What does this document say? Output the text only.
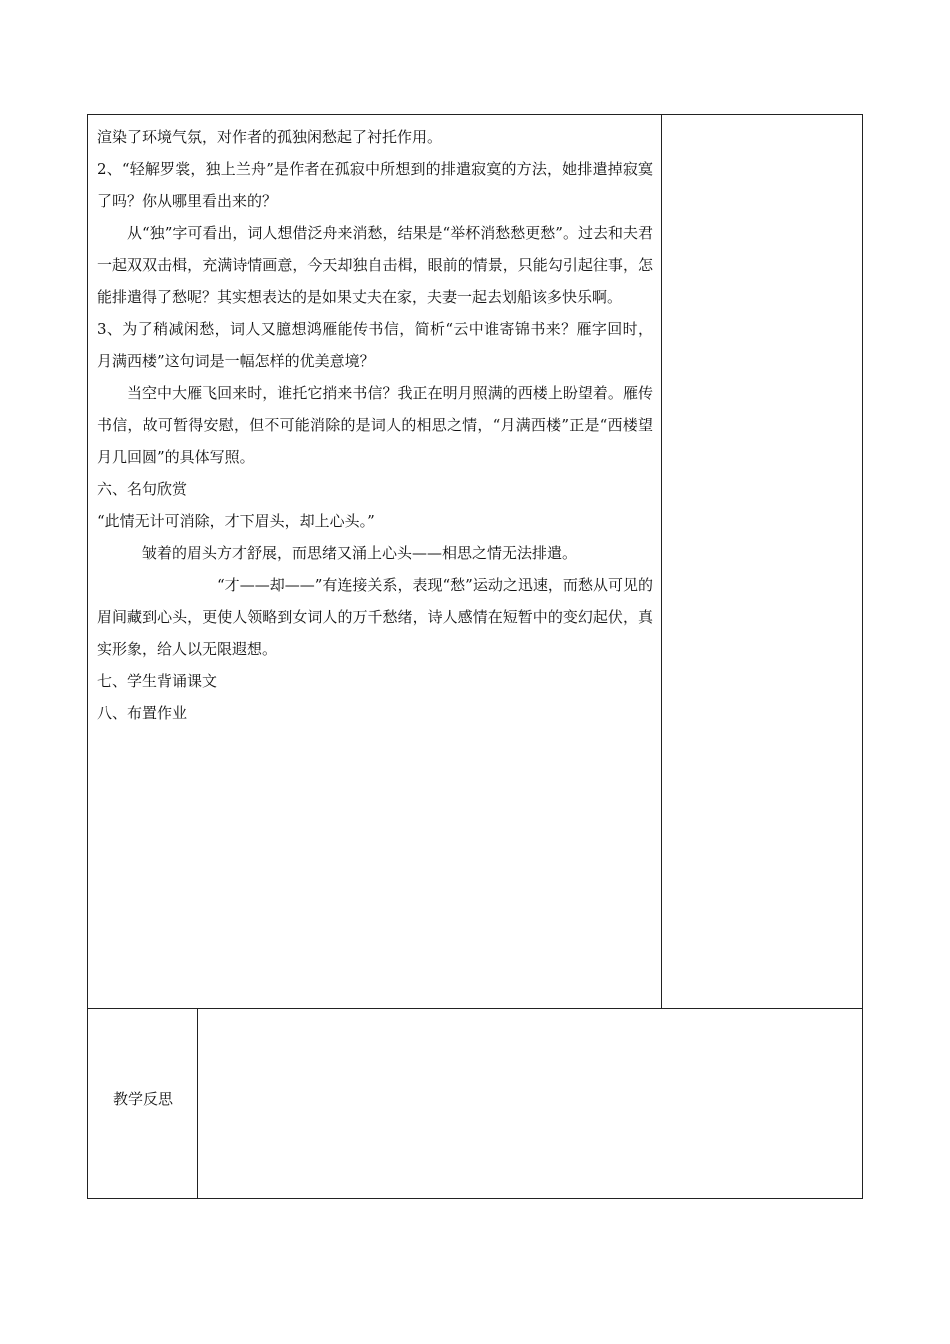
渲染了环境气氛，对作者的孤独闲愁起了衬托作用。

2、“轻解罗裳，独上兰舟”是作者在孤寂中所想到的排遣寂寞的方法，她排遣掉寂寞了吗？你从哪里看出来的？

从“独”字可看出，词人想借泛舟来消愁，结果是“举杯消愁愁更愁”。过去和夫君一起双双击楫，充满诗情画意，今天却独自击楫，眼前的情景，只能勾引起往事，怎能排遣得了愁呢？其实想表达的是如果丈夫在家，夫妻一起去划船该多快乐啊。

3、为了稍减闲愁，词人又臆想鸿雁能传书信，简析“云中谁寄锦书来？雁字回时，月满西楼”这句词是一幅怎样的优美意境？

当空中大雁飞回来时，谁托它捎来书信？我正在明月照满的西楼上盼望着。雁传书信，故可暂得安慰，但不可能消除的是词人的相思之情，“月满西楼”正是“西楼望月几回圆”的具体写照。

六、名句欣赏

“此情无计可消除，才下眉头，却上心头。”

皱着的眉头方才舒展，而思绪又涌上心头——相思之情无法排遣。

“才——却——”有连接关系，表现“愁”运动之迅速，而愁从可见的眉间藏到心头，更使人领略到女词人的万千愁绪，诗人感情在短暂中的变幻起伏，真实形象，给人以无限遐想。

七、学生背诵课文

八、布置作业

教学反思
